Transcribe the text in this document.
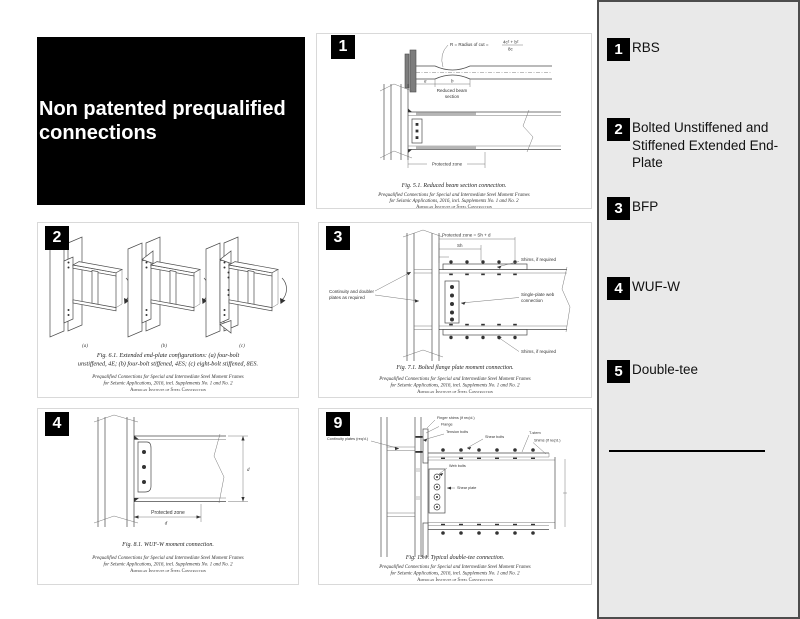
Non patented prequalified connections
1	R = Radius of cut =	4c² + b²
8c
a	b
Reduced beam
section
Protected zone
Fig. 5.1. Reduced beam section connection.
Prequalified Connections for Special and Intermediate Steel Moment Frames
for Seismic Applications, 2016, incl. Supplements No. 1 and No. 2
American Institute of Steel Construction
2
(a)	(b)	(c)
Fig. 6.1. Extended end-plate configurations: (a) four-bolt
unstiffened, 4E; (b) four-bolt stiffened, 4ES; (c) eight-bolt stiffened, 8ES.
Prequalified Connections for Special and Intermediate Steel Moment Frames
for Seismic Applications, 2016, incl. Supplements No. 1 and No. 2
American Institute of Steel Construction
3	Protected zone = Sh + d
Sh
Shims, if required
Single-plate web
connection
Shims, if required
Continuity and doubler
plates as required
Fig. 7.1. Bolted flange plate moment connection.
Prequalified Connections for Special and Intermediate Steel Moment Frames
for Seismic Applications, 2016, incl. Supplements No. 1 and No. 2
American Institute of Steel Construction
4
d
Protected zone
d
Fig. 8.1. WUF-W moment connection.
Prequalified Connections for Special and Intermediate Steel Moment Frames
for Seismic Applications, 2016, incl. Supplements No. 1 and No. 2
American Institute of Steel Construction
9	Finger shims (if req'd.)
Flange
Tension bolts
Shear bolts
T-stem
Shims (if req'd.)
Continuity plates (req'd.)
Web bolts
Shear plate
Fig. 13.1. Typical double-tee connection.
Prequalified Connections for Special and Intermediate Steel Moment Frames
for Seismic Applications, 2016, incl. Supplements No. 1 and No. 2
American Institute of Steel Construction
1 RBS
2 Bolted Unstiffened and Stiffened Extended End-Plate
3 BFP
4 WUF-W
5 Double-tee
